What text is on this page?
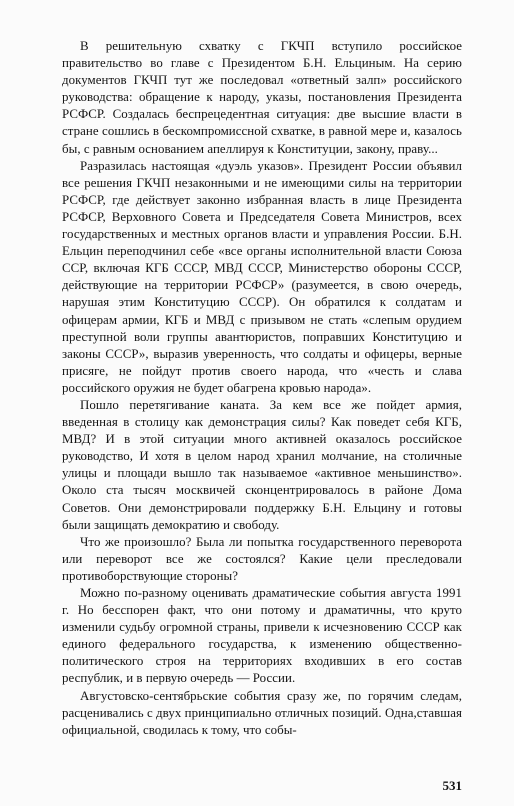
В решительную схватку с ГКЧП вступило российское правительство во главе с Президентом Б.Н. Ельциным. На серию документов ГКЧП тут же последовал «ответный залп» российского руководства: обращение к народу, указы, постановления Президента РСФСР. Создалась беспрецедентная ситуация: две высшие власти в стране сошлись в бескомпромиссной схватке, в равной мере и, казалось бы, с равным основанием апеллируя к Конституции, закону, праву...

Разразилась настоящая «дуэль указов». Президент России объявил все решения ГКЧП незаконными и не имеющими силы на территории РСФСР, где действует законно избранная власть в лице Президента РСФСР, Верховного Совета и Председателя Совета Министров, всех государственных и местных органов власти и управления России. Б.Н. Ельцин переподчинил себе «все органы исполнительной власти Союза ССР, включая КГБ СССР, МВД СССР, Министерство обороны СССР, действующие на территории РСФСР» (разумеется, в свою очередь, нарушая этим Конституцию СССР). Он обратился к солдатам и офицерам армии, КГБ и МВД с призывом не стать «слепым орудием преступной воли группы авантюристов, поправших Конституцию и законы СССР», выразив уверенность, что солдаты и офицеры, верные присяге, не пойдут против своего народа, что «честь и слава российского оружия не будет обагрена кровью народа».

Пошло перетягивание каната. За кем все же пойдет армия, введенная в столицу как демонстрация силы? Как поведет себя КГБ, МВД? И в этой ситуации много активней оказалось российское руководство, И хотя в целом народ хранил молчание, на столичные улицы и площади вышло так называемое «активное меньшинство». Около ста тысяч москвичей сконцентрировалось в районе Дома Советов. Они демонстрировали поддержку Б.Н. Ельцину и готовы были защищать демократию и свободу.

Что же произошло? Была ли попытка государственного переворота или переворот все же состоялся? Какие цели преследовали противоборствующие стороны?

Можно по-разному оценивать драматические события августа 1991 г. Но бесспорен факт, что они потому и драматичны, что круто изменили судьбу огромной страны, привели к исчезновению СССР как единого федерального государства, к изменению общественно-политического строя на территориях входивших в его состав республик, и в первую очередь — России.

Августовско-сентябрьские события сразу же, по горячим следам, расценивались с двух принципиально отличных позиций. Одна,ставшая официальной, сводилась к тому, что собы-

531
